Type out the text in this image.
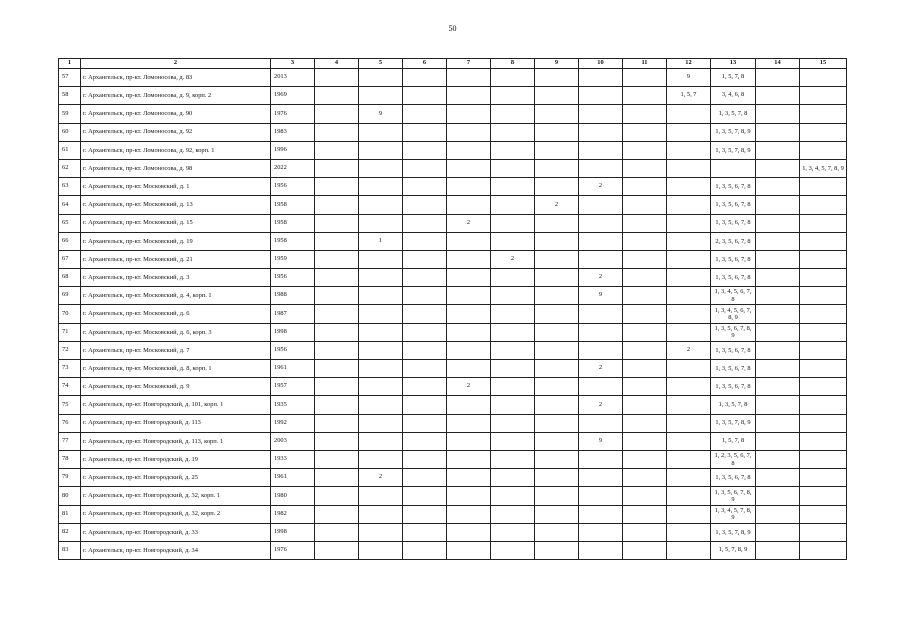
50
1	2	3	4	5	6	7	8	9	10	11	12	13	14	15
57	г. Архангельск, пр-кт. Ломоносова, д. 83	2013									9	1, 5, 7, 8		
58	г. Архангельск, пр-кт. Ломоносова, д. 9, корп. 2	1969									1, 5, 7	3, 4, 6, 8		
59	г. Архангельск, пр-кт. Ломоносова, д. 90	1976		9								1, 3, 5, 7, 8		
60	г. Архангельск, пр-кт. Ломоносова, д. 92	1983										1, 3, 5, 7, 8, 9		
61	г. Архангельск, пр-кт. Ломоносова, д. 92, корп. 1	1996										1, 3, 5, 7, 8, 9		
62	г. Архангельск, пр-кт. Ломоносова, д. 98	2022												1, 3, 4, 5, 7, 8, 9
63	г. Архангельск, пр-кт. Московский, д. 1	1956							2			1, 3, 5, 6, 7, 8		
64	г. Архангельск, пр-кт. Московский, д. 13	1958						2				1, 3, 5, 6, 7, 8		
65	г. Архангельск, пр-кт. Московский, д. 15	1958				2						1, 3, 5, 6, 7, 8		
66	г. Архангельск, пр-кт. Московский, д. 19	1958		1								2, 3, 5, 6, 7, 8		
67	г. Архангельск, пр-кт. Московский, д. 21	1959					2					1, 3, 5, 6, 7, 8		
68	г. Архангельск, пр-кт. Московский, д. 3	1956							2			1, 3, 5, 6, 7, 8		
69	г. Архангельск, пр-кт. Московский, д. 4, корп. 1	1988							9			1, 3, 4, 5, 6, 7, 8		
70	г. Архангельск, пр-кт. Московский, д. 6	1987										1, 3, 4, 5, 6, 7, 8, 9		
71	г. Архангельск, пр-кт. Московский, д. 6, корп. 3	1998										1, 3, 5, 6, 7, 8, 9		
72	г. Архангельск, пр-кт. Московский, д. 7	1956									2	1, 3, 5, 6, 7, 8		
73	г. Архангельск, пр-кт. Московский, д. 8, корп. 1	1961							2			1, 3, 5, 6, 7, 8		
74	г. Архангельск, пр-кт. Московский, д. 9	1957				2						1, 3, 5, 6, 7, 8		
75	г. Архангельск, пр-кт. Новгородский, д. 101, корп. 1	1935							2			1, 3, 5, 7, 8		
76	г. Архангельск, пр-кт. Новгородский, д. 113	1992										1, 3, 5, 7, 8, 9		
77	г. Архангельск, пр-кт. Новгородский, д. 113, корп. 1	2003							9			1, 5, 7, 8		
78	г. Архангельск, пр-кт. Новгородский, д. 19	1933										1, 2, 3, 5, 6, 7, 8		
79	г. Архангельск, пр-кт. Новгородский, д. 25	1961		2								1, 3, 5, 6, 7, 8		
80	г. Архангельск, пр-кт. Новгородский, д. 32, корп. 1	1980										1, 3, 5, 6, 7, 8, 9		
81	г. Архангельск, пр-кт. Новгородский, д. 32, корп. 2	1982										1, 3, 4, 5, 7, 8, 9		
82	г. Архангельск, пр-кт. Новгородский, д. 33	1998										1, 3, 5, 7, 8, 9		
83	г. Архангельск, пр-кт. Новгородский, д. 34	1976										1, 5, 7, 8, 9		
